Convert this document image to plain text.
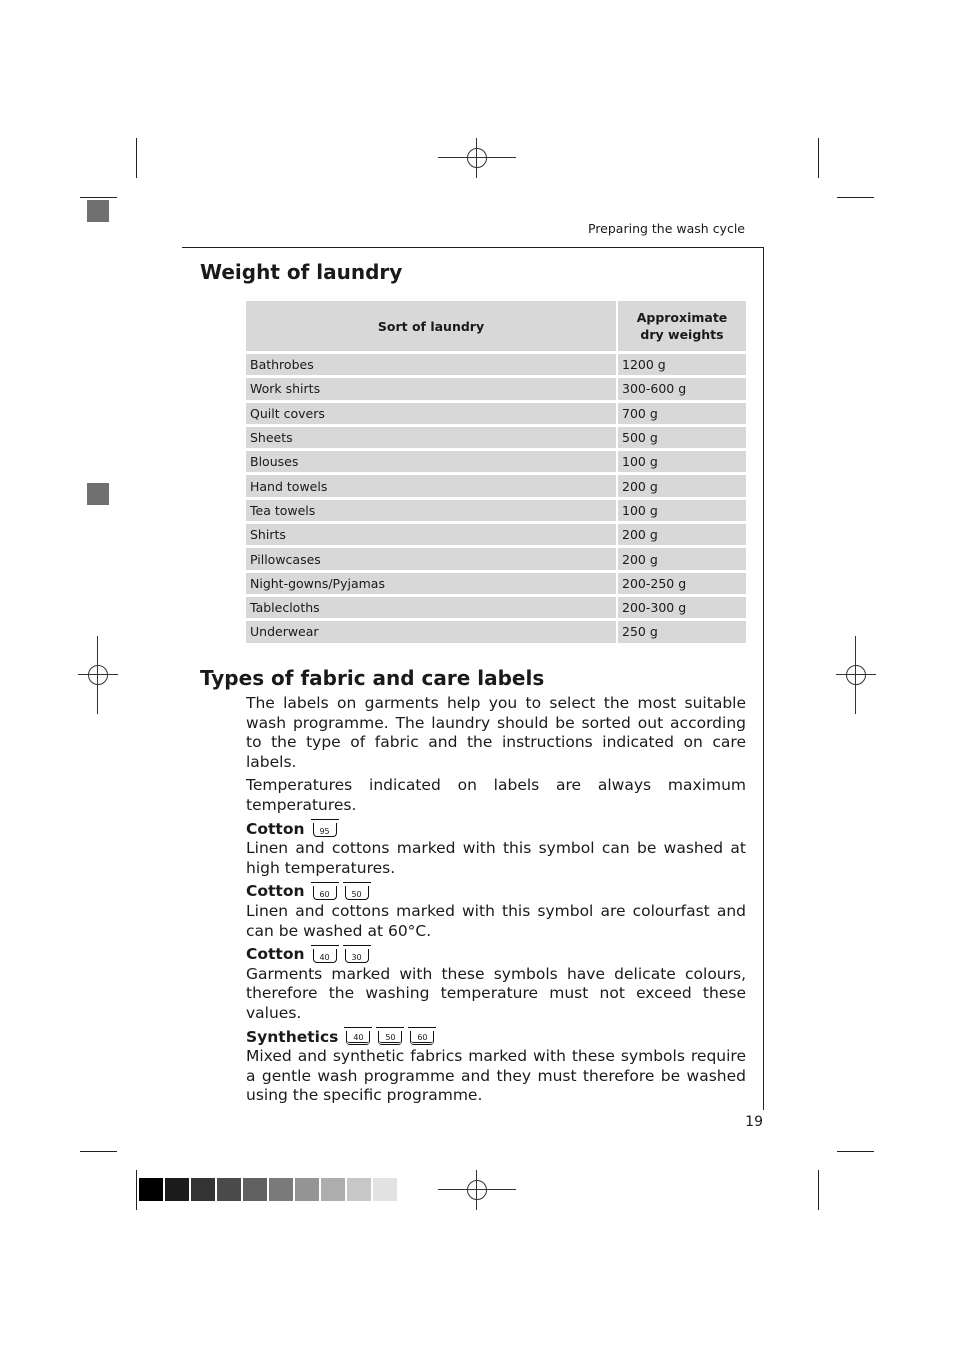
Preparing the wash cycle
Weight of laundry
Sort of laundry	Approximate
dry weights
Bathrobes	1200 g
Work shirts	300-600 g
Quilt covers	700 g
Sheets	500 g
Blouses	100 g
Hand towels	200 g
Tea towels	100 g
Shirts	200 g
Pillowcases	200 g
Night-gowns/Pyjamas	200-250 g
Tablecloths	200-300 g
Underwear	250 g
Types of fabric and care labels

The labels on garments help you to select the most suitable wash programme. The laundry should be sorted out according to the type of fabric and the instructions indicated on care labels.

Temperatures indicated on labels are always maximum temperatures.

Cotton	95

Linen and cottons marked with this symbol can be washed at high temperatures.

Cotton	60	50

Linen and cottons marked with this symbol are colourfast and can be washed at 60°C.

Cotton	40	30

Garments marked with these symbols have delicate colours, therefore the washing temperature must not exceed these values.

Synthetics	40	50	60

Mixed and synthetic fabrics marked with these symbols require a gentle wash programme and they must therefore be washed using the specific programme.

19
